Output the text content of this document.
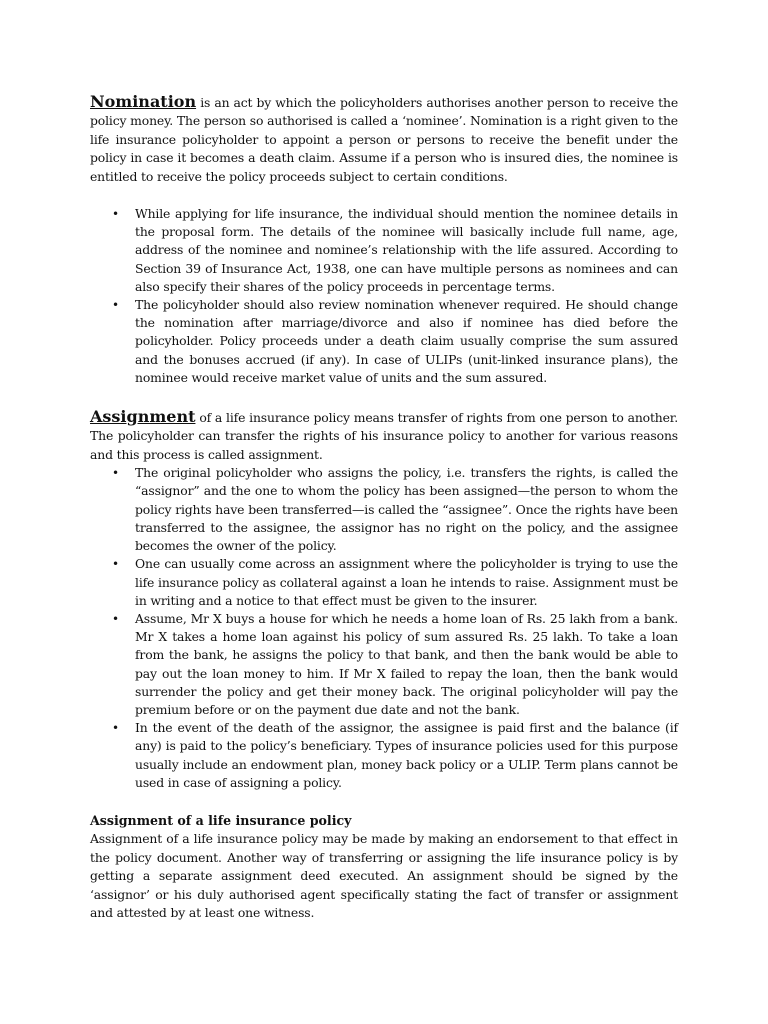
Nomination is an act by which the policyholders authorises another person to receive the policy money. The person so authorised is called a ‘nominee’. Nomination is a right given to the life insurance policyholder to appoint a person or persons to receive the benefit under the policy in case it becomes a death claim. Assume if a person who is insured dies, the nominee is entitled to receive the policy proceeds subject to certain conditions.

• While applying for life insurance, the individual should mention the nominee details in the proposal form. The details of the nominee will basically include full name, age, address of the nominee and nominee’s relationship with the life assured. According to Section 39 of Insurance Act, 1938, one can have multiple persons as nominees and can also specify their shares of the policy proceeds in percentage terms.
• The policyholder should also review nomination whenever required. He should change the nomination after marriage/divorce and also if nominee has died before the policyholder. Policy proceeds under a death claim usually comprise the sum assured and the bonuses accrued (if any). In case of ULIPs (unit-linked insurance plans), the nominee would receive market value of units and the sum assured.

Assignment of a life insurance policy means transfer of rights from one person to another. The policyholder can transfer the rights of his insurance policy to another for various reasons and this process is called assignment.

• The original policyholder who assigns the policy, i.e. transfers the rights, is called the “assignor” and the one to whom the policy has been assigned—the person to whom the policy rights have been transferred—is called the “assignee”. Once the rights have been transferred to the assignee, the assignor has no right on the policy, and the assignee becomes the owner of the policy.
• One can usually come across an assignment where the policyholder is trying to use the life insurance policy as collateral against a loan he intends to raise. Assignment must be in writing and a notice to that effect must be given to the insurer.
• Assume, Mr X buys a house for which he needs a home loan of Rs. 25 lakh from a bank. Mr X takes a home loan against his policy of sum assured Rs. 25 lakh. To take a loan from the bank, he assigns the policy to that bank, and then the bank would be able to pay out the loan money to him. If Mr X failed to repay the loan, then the bank would surrender the policy and get their money back. The original policyholder will pay the premium before or on the payment due date and not the bank.
• In the event of the death of the assignor, the assignee is paid first and the balance (if any) is paid to the policy’s beneficiary. Types of insurance policies used for this purpose usually include an endowment plan, money back policy or a ULIP. Term plans cannot be used in case of assigning a policy.
Assignment of a life insurance policy

Assignment of a life insurance policy may be made by making an endorsement to that effect in the policy document. Another way of transferring or assigning the life insurance policy is by getting a separate assignment deed executed. An assignment should be signed by the ‘assignor’ or his duly authorised agent specifically stating the fact of transfer or assignment and attested by at least one witness.
